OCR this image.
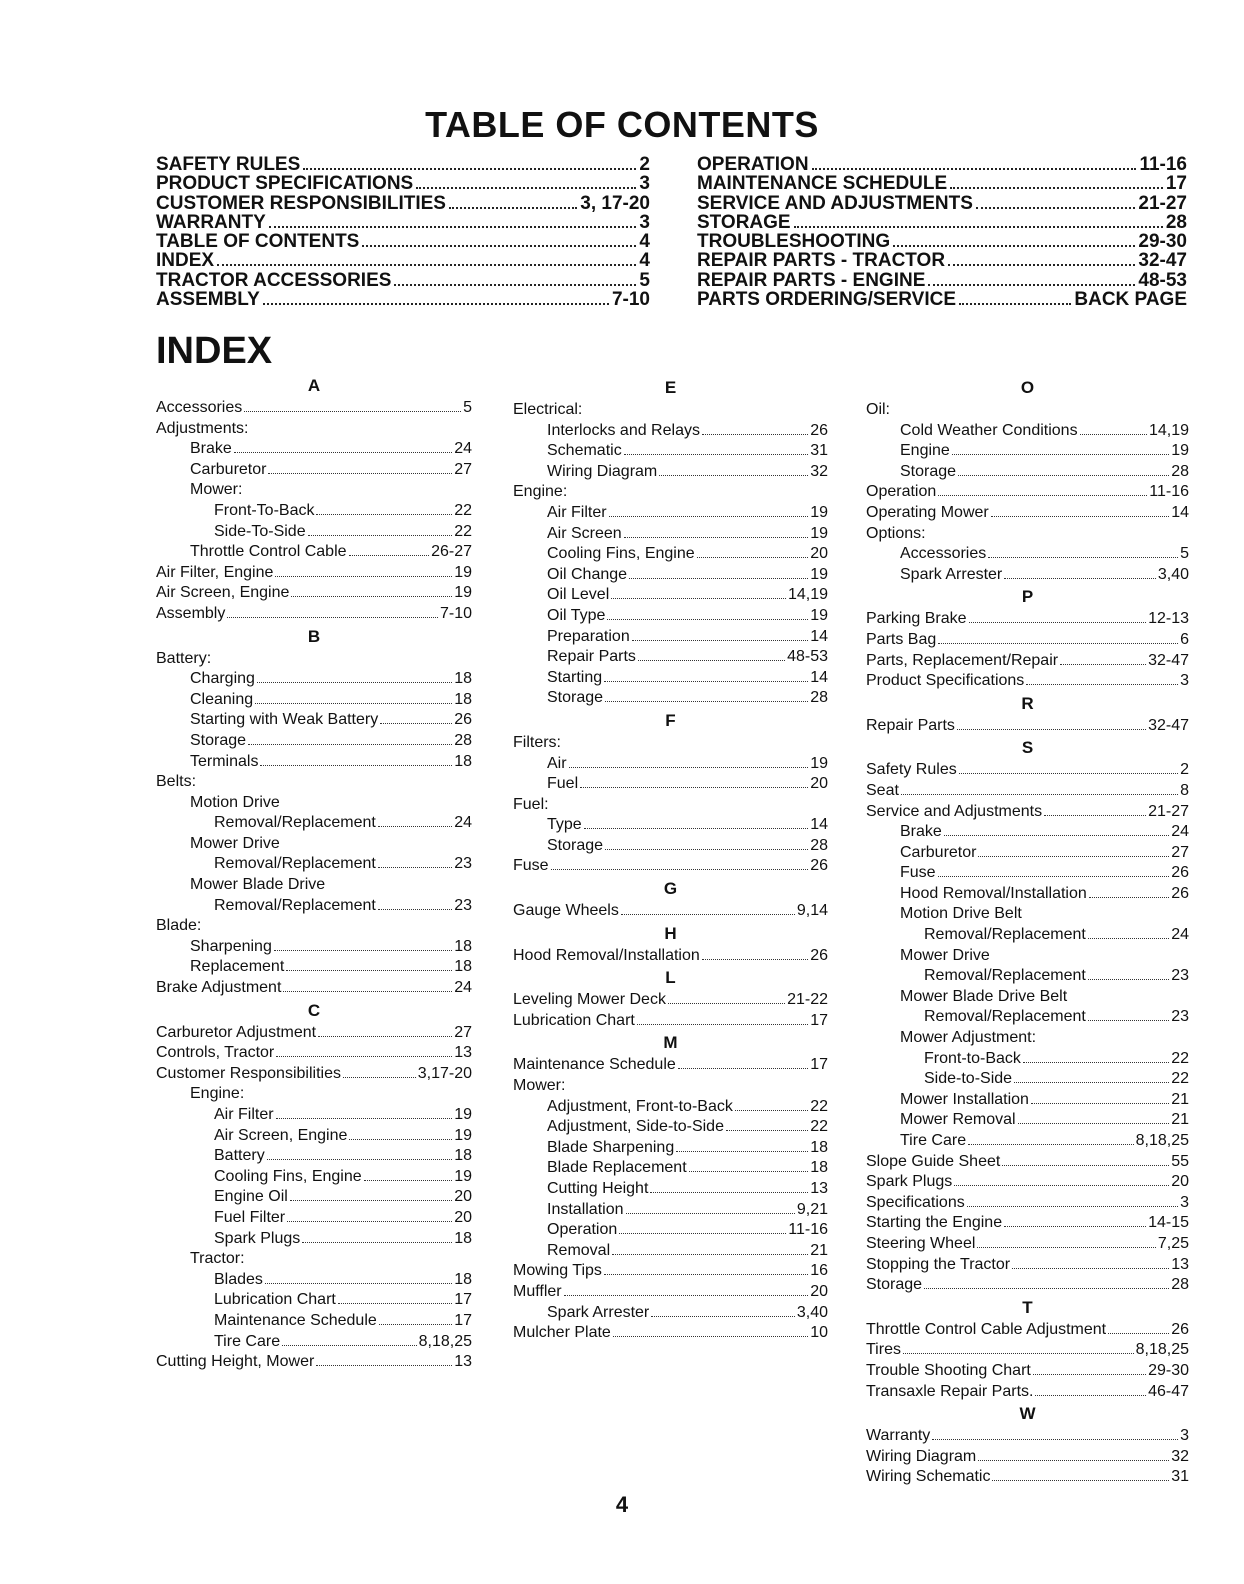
TABLE OF CONTENTS
SAFETY RULES	2
PRODUCT SPECIFICATIONS	3
CUSTOMER RESPONSIBILITIES	3, 17-20
WARRANTY	3
TABLE OF CONTENTS	4
INDEX	4
TRACTOR ACCESSORIES	5
ASSEMBLY	7-10
OPERATION	11-16
MAINTENANCE SCHEDULE	17
SERVICE AND ADJUSTMENTS	21-27
STORAGE	28
TROUBLESHOOTING	29-30
REPAIR PARTS - TRACTOR	32-47
REPAIR PARTS - ENGINE	48-53
PARTS ORDERING/SERVICE	BACK PAGE
INDEX
A
Accessories	5
Adjustments:
Brake	24
Carburetor	27
Mower:
Front-To-Back	22
Side-To-Side	22
Throttle Control Cable	26-27
Air Filter, Engine	19
Air Screen, Engine	19
Assembly	7-10
B
Battery:
Charging	18
Cleaning	18
Starting with Weak Battery	26
Storage	28
Terminals	18
Belts:
Motion Drive
Removal/Replacement	24
Mower Drive
Removal/Replacement	23
Mower Blade Drive
Removal/Replacement	23
Blade:
Sharpening	18
Replacement	18
Brake Adjustment	24
C
Carburetor Adjustment	27
Controls, Tractor	13
Customer Responsibilities	3,17-20
Engine:
Air Filter	19
Air Screen, Engine	19
Battery	18
Cooling Fins, Engine	19
Engine Oil	20
Fuel Filter	20
Spark Plugs	18
Tractor:
Blades	18
Lubrication Chart	17
Maintenance Schedule	17
Tire Care	8,18,25
Cutting Height, Mower	13
E
Electrical:
Interlocks and Relays	26
Schematic	31
Wiring Diagram	32
Engine:
Air Filter	19
Air Screen	19
Cooling Fins, Engine	20
Oil Change	19
Oil Level	14,19
Oil Type	19
Preparation	14
Repair Parts	48-53
Starting	14
Storage	28
F
Filters:
Air	19
Fuel	20
Fuel:
Type	14
Storage	28
Fuse	26
G
Gauge Wheels	9,14
H
Hood Removal/Installation	26
L
Leveling Mower Deck	21-22
Lubrication Chart	17
M
Maintenance Schedule	17
Mower:
Adjustment, Front-to-Back	22
Adjustment, Side-to-Side	22
Blade Sharpening	18
Blade Replacement	18
Cutting Height	13
Installation	9,21
Operation	11-16
Removal	21
Mowing Tips	16
Muffler	20
Spark Arrester	3,40
Mulcher Plate	10
O
Oil:
Cold Weather Conditions	14,19
Engine	19
Storage	28
Operation	11-16
Operating Mower	14
Options:
Accessories	5
Spark Arrester	3,40
P
Parking Brake	12-13
Parts Bag	6
Parts, Replacement/Repair	32-47
Product Specifications	3
R
Repair Parts	32-47
S
Safety Rules	2
Seat	8
Service and Adjustments	21-27
Brake	24
Carburetor	27
Fuse	26
Hood Removal/Installation	26
Motion Drive Belt
Removal/Replacement	24
Mower Drive
Removal/Replacement	23
Mower Blade Drive Belt
Removal/Replacement	23
Mower Adjustment:
Front-to-Back	22
Side-to-Side	22
Mower Installation	21
Mower Removal	21
Tire Care	8,18,25
Slope Guide Sheet	55
Spark Plugs	20
Specifications	3
Starting the Engine	14-15
Steering Wheel	7,25
Stopping the Tractor	13
Storage	28
T
Throttle Control Cable Adjustment	26
Tires	8,18,25
Trouble Shooting Chart	29-30
Transaxle Repair Parts.	46-47
W
Warranty	3
Wiring Diagram	32
Wiring Schematic	31
4
